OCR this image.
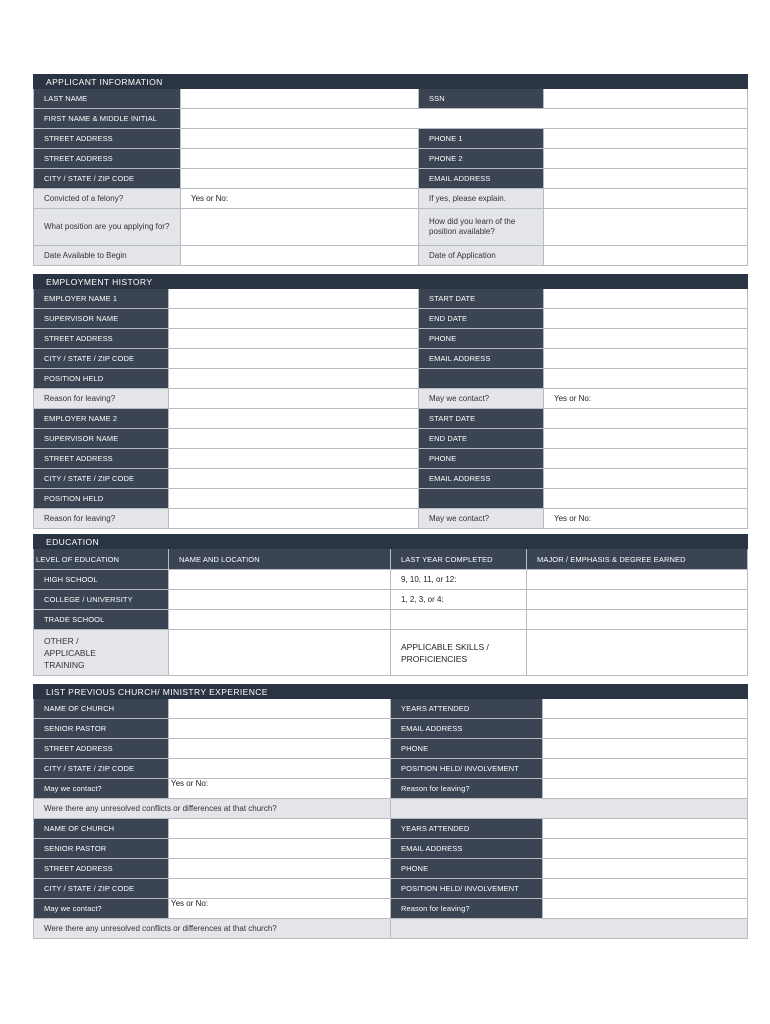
APPLICANT INFORMATION			
LAST NAME		SSN	
FIRST NAME & MIDDLE INITIAL			
STREET ADDRESS		PHONE 1	
STREET ADDRESS		PHONE 2	
CITY / STATE / ZIP CODE		EMAIL ADDRESS	
Convicted of a felony?	Yes or No:	If yes, please explain.	
What position are you applying for?		How did you learn of the position available?	
Date Available to Begin		Date of Application	
EMPLOYMENT HISTORY			
EMPLOYER NAME 1		START DATE	
SUPERVISOR NAME		END DATE	
STREET ADDRESS		PHONE	
CITY / STATE / ZIP CODE		EMAIL ADDRESS	
POSITION HELD			
Reason for leaving?		May we contact?	Yes or No:
EMPLOYER NAME 2		START DATE	
SUPERVISOR NAME		END DATE	
STREET ADDRESS		PHONE	
CITY / STATE / ZIP CODE		EMAIL ADDRESS	
POSITION HELD			
Reason for leaving?		May we contact?	Yes or No:
EDUCATION			
LEVEL OF EDUCATION	NAME AND LOCATION	LAST YEAR COMPLETED	MAJOR / EMPHASIS & DEGREE EARNED
HIGH SCHOOL		9, 10, 11, or 12:	
COLLEGE / UNIVERSITY		1, 2, 3, or 4:	
TRADE SCHOOL			

OTHER / APPLICABLE TRAINING		APPLICABLE SKILLS / PROFICIENCIES	

LIST PREVIOUS CHURCH/ MINISTRY EXPERIENCE			
NAME OF CHURCH		YEARS ATTENDED	
SENIOR PASTOR		EMAIL ADDRESS	
STREET ADDRESS		PHONE	
CITY / STATE / ZIP CODE		POSITION HELD/ INVOLVEMENT	
May we contact?	Yes or No:	Reason for leaving?	
Were there any unresolved conflicts or differences at that church?			
NAME OF CHURCH		YEARS ATTENDED	
SENIOR PASTOR		EMAIL ADDRESS	
STREET ADDRESS		PHONE	
CITY / STATE / ZIP CODE		POSITION HELD/ INVOLVEMENT	
May we contact?	Yes or No:	Reason for leaving?	
Were there any unresolved conflicts or differences at that church?			
